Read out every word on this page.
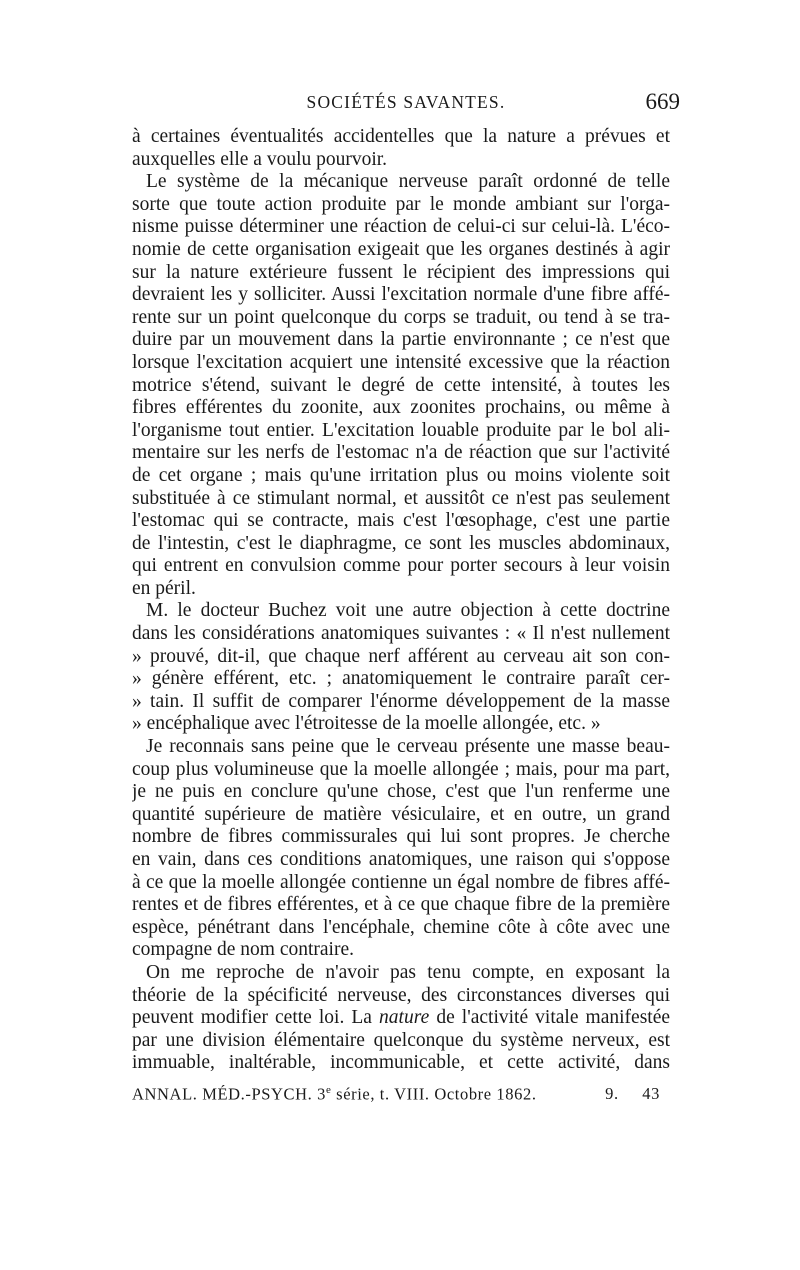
SOCIÉTÉS SAVANTES.	669
à certaines éventualités accidentelles que la nature a prévues et
auxquelles elle a voulu pourvoir.
Le système de la mécanique nerveuse paraît ordonné de telle
sorte que toute action produite par le monde ambiant sur l'orga-
nisme puisse déterminer une réaction de celui-ci sur celui-là. L'éco-
nomie de cette organisation exigeait que les organes destinés à agir
sur la nature extérieure fussent le récipient des impressions qui
devraient les y solliciter. Aussi l'excitation normale d'une fibre affé-
rente sur un point quelconque du corps se traduit, ou tend à se tra-
duire par un mouvement dans la partie environnante ; ce n'est que
lorsque l'excitation acquiert une intensité excessive que la réaction
motrice s'étend, suivant le degré de cette intensité, à toutes les
fibres efférentes du zoonite, aux zoonites prochains, ou même à
l'organisme tout entier. L'excitation louable produite par le bol ali-
mentaire sur les nerfs de l'estomac n'a de réaction que sur l'activité
de cet organe ; mais qu'une irritation plus ou moins violente soit
substituée à ce stimulant normal, et aussitôt ce n'est pas seulement
l'estomac qui se contracte, mais c'est l'œsophage, c'est une partie
de l'intestin, c'est le diaphragme, ce sont les muscles abdominaux,
qui entrent en convulsion comme pour porter secours à leur voisin
en péril.
M. le docteur Buchez voit une autre objection à cette doctrine
dans les considérations anatomiques suivantes : « Il n'est nullement
» prouvé, dit-il, que chaque nerf afférent au cerveau ait son con-
» génère efférent, etc. ; anatomiquement le contraire paraît cer-
» tain. Il suffit de comparer l'énorme développement de la masse
» encéphalique avec l'étroitesse de la moelle allongée, etc. »
Je reconnais sans peine que le cerveau présente une masse beau-
coup plus volumineuse que la moelle allongée ; mais, pour ma part,
je ne puis en conclure qu'une chose, c'est que l'un renferme une
quantité supérieure de matière vésiculaire, et en outre, un grand
nombre de fibres commissurales qui lui sont propres. Je cherche
en vain, dans ces conditions anatomiques, une raison qui s'oppose
à ce que la moelle allongée contienne un égal nombre de fibres affé-
rentes et de fibres efférentes, et à ce que chaque fibre de la première
espèce, pénétrant dans l'encéphale, chemine côte à côte avec une
compagne de nom contraire.
On me reproche de n'avoir pas tenu compte, en exposant la
théorie de la spécificité nerveuse, des circonstances diverses qui
peuvent modifier cette loi. La nature de l'activité vitale manifestée
par une division élémentaire quelconque du système nerveux, est
immuable, inaltérable, incommunicable, et cette activité, dans
ANNAL. MÉD.-PSYCH. 3e série, t. VIII. Octobre 1862.	9. 43
